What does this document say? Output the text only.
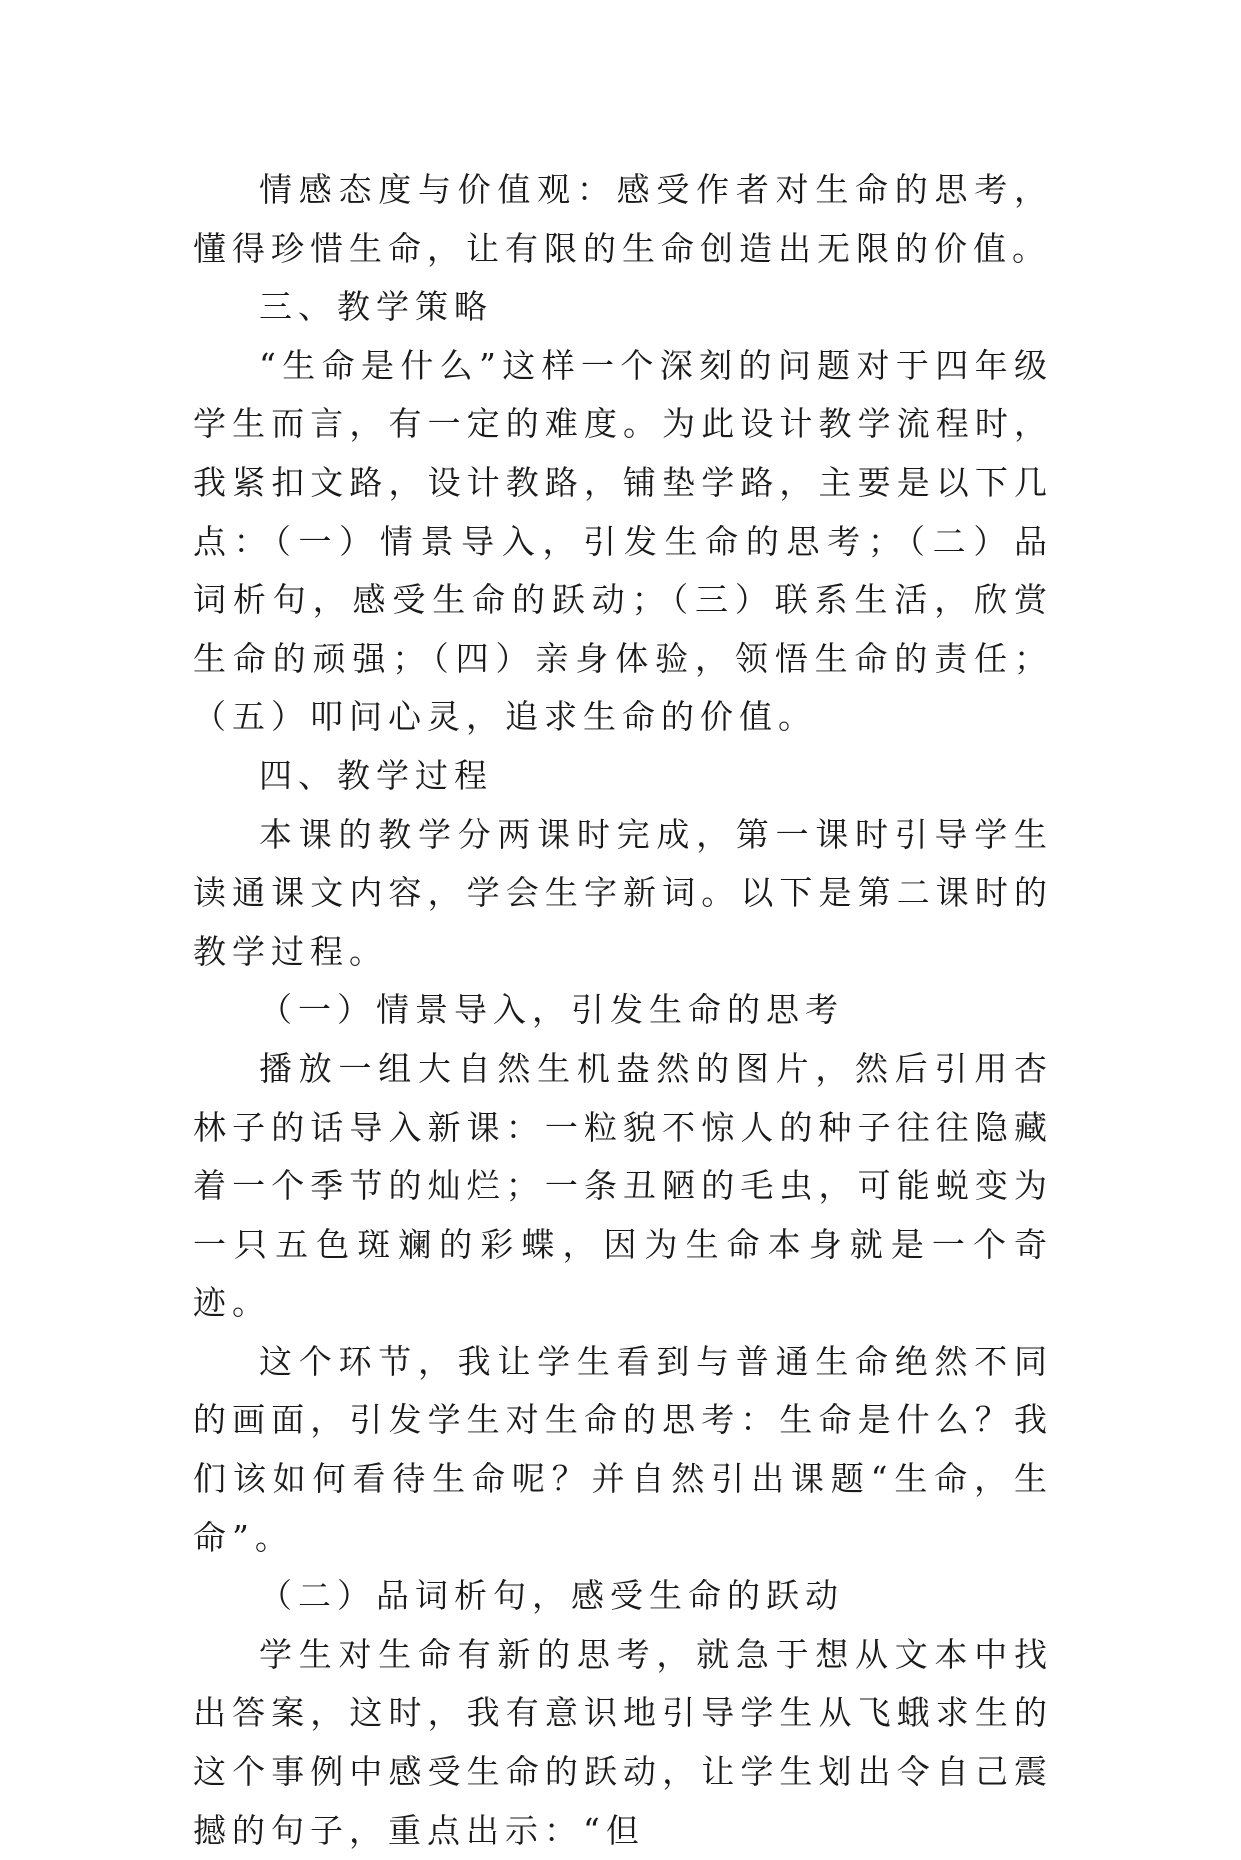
情感态度与价值观：感受作者对生命的思考，懂得珍惜生命，让有限的生命创造出无限的价值。

三、教学策略

“生命是什么”这样一个深刻的问题对于四年级学生而言，有一定的难度。为此设计教学流程时，我紧扣文路，设计教路，铺垫学路，主要是以下几点：（一）情景导入，引发生命的思考；（二）品词析句，感受生命的跃动；（三）联系生活，欣赏生命的顽强；（四）亲身体验，领悟生命的责任；（五）叩问心灵，追求生命的价值。

四、教学过程

本课的教学分两课时完成，第一课时引导学生读通课文内容，学会生字新词。以下是第二课时的教学过程。

（一）情景导入，引发生命的思考

播放一组大自然生机盎然的图片，然后引用杏林子的话导入新课：一粒貌不惊人的种子往往隐藏着一个季节的灿烂；一条丑陋的毛虫，可能蜕变为一只五色斑斓的彩蝶，因为生命本身就是一个奇迹。

这个环节，我让学生看到与普通生命绝然不同的画面，引发学生对生命的思考：生命是什么？我们该如何看待生命呢？并自然引出课题“生命，生命”。

（二）品词析句，感受生命的跃动

学生对生命有新的思考，就急于想从文本中找出答案，这时，我有意识地引导学生从飞蛾求生的这个事例中感受生命的跃动，让学生划出令自己震撼的句子，重点出示：“但
